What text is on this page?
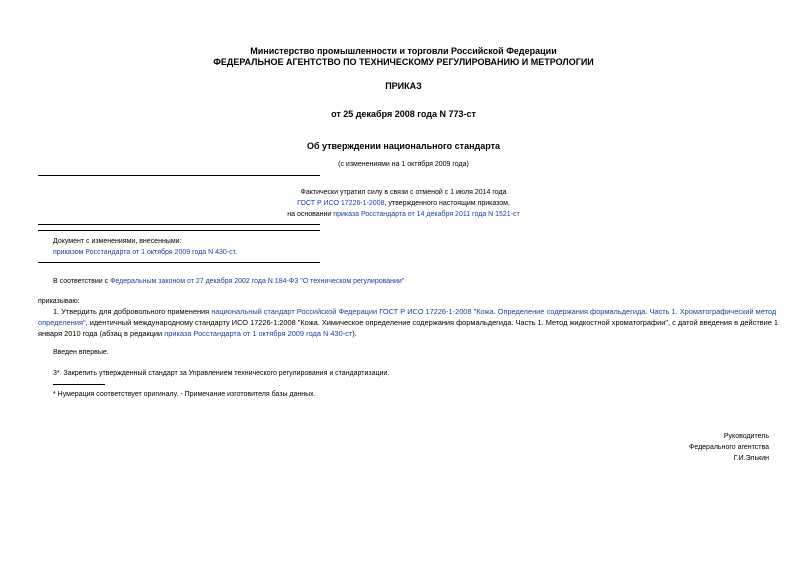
Министерство промышленности и торговли Российской Федерации
ФЕДЕРАЛЬНОЕ АГЕНТСТВО ПО ТЕХНИЧЕСКОМУ РЕГУЛИРОВАНИЮ И МЕТРОЛОГИИ
ПРИКАЗ
от 25 декабря 2008 года N 773-ст
Об утверждении национального стандарта
(с изменениями на 1 октября 2009 года)
Фактически утратил силу в связи с отменой с 1 июля 2014 года
ГОСТ Р ИСО 17226-1-2008, утвержденного настоящим приказом,
на основании приказа Росстандарта от 14 декабря 2011 года N 1521-ст
Документ с изменениями, внесенными:
приказом Росстандарта от 1 октября 2009 года N 430-ст.
В соответствии с Федеральным законом от 27 декабря 2002 года N 184-ФЗ "О техническом регулировании"
приказываю:
1. Утвердить для добровольного применения национальный стандарт Российской Федерации ГОСТ Р ИСО 17226-1-2008 "Кожа. Определение содержания формальдегида. Часть 1. Хроматографический метод
определения", идентичный международному стандарту ИСО 17226-1:2008 "Кожа. Химическое определение содержания формальдегида. Часть 1. Метод жидкостной хроматографии", с датой введения в действие 1
января 2010 года (абзац в редакции приказа Росстандарта от 1 октября 2009 года N 430-ст).
Введен впервые.
3*. Закрепить утвержденный стандарт за Управлением технического регулирования и стандартизации.
* Нумерация соответствует оригиналу. - Примечание изготовителя базы данных.
Руководитель
Федерального агентства
Г.И.Элькин
